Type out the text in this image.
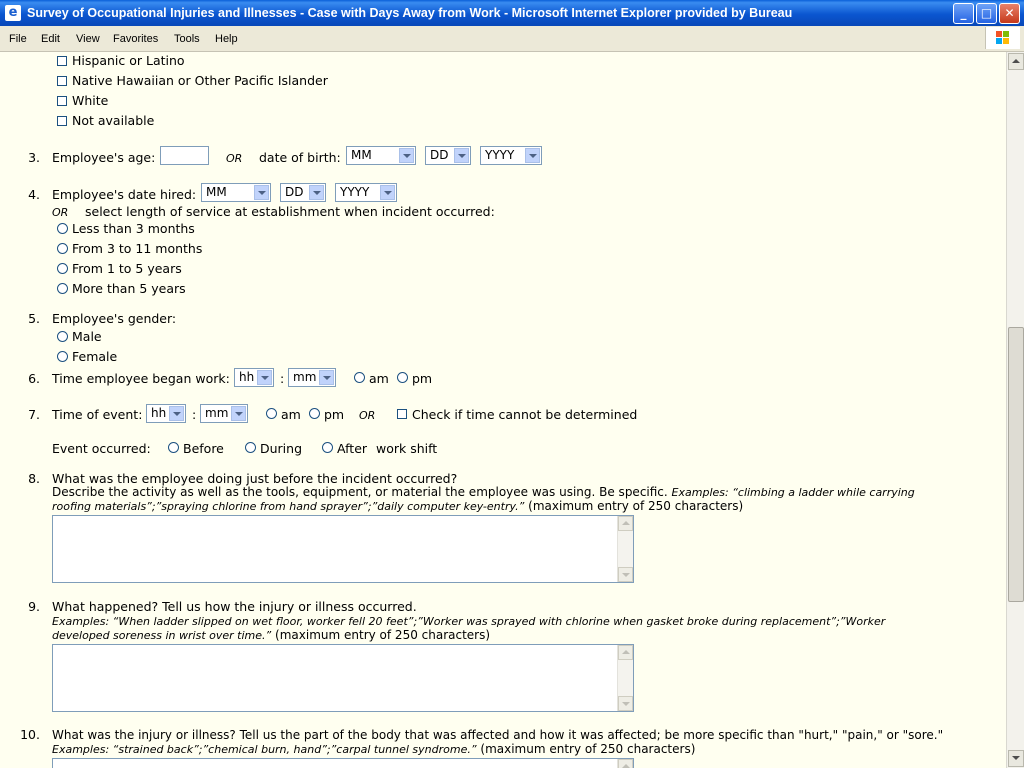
e Survey of Occupational Injuries and Illnesses - Case with Days Away from Work - Microsoft Internet Explorer provided by Bureau	_	□	✕
File Edit View Favorites Tools Help
Hispanic or Latino
Native Hawaiian or Other Pacific Islander
White
Not available
3. Employee's age:	OR date of birth: MM	DD	YYYY
4. Employee's date hired: MM	DD	YYYY
OR select length of service at establishment when incident occurred:
Less than 3 months
From 3 to 11 months
From 1 to 5 years
More than 5 years
5. Employee's gender:
Male
Female
6. Time employee began work: hh	: mm	am pm
7. Time of event: hh	: mm	am pm OR	Check if time cannot be determined
Event occurred:	Before	During	After work shift
8. What was the employee doing just before the incident occurred?
Describe the activity as well as the tools, equipment, or material the employee was using. Be specific. Examples: “climbing a ladder while carrying
roofing materials”;”spraying chlorine from hand sprayer”;”daily computer key-entry.” (maximum entry of 250 characters)
9. What happened? Tell us how the injury or illness occurred.
Examples: “When ladder slipped on wet floor, worker fell 20 feet”;”Worker was sprayed with chlorine when gasket broke during replacement”;”Worker
developed soreness in wrist over time.” (maximum entry of 250 characters)
10. What was the injury or illness? Tell us the part of the body that was affected and how it was affected; be more specific than "hurt," "pain," or "sore."
Examples: “strained back”;”chemical burn, hand”;”carpal tunnel syndrome.” (maximum entry of 250 characters)
